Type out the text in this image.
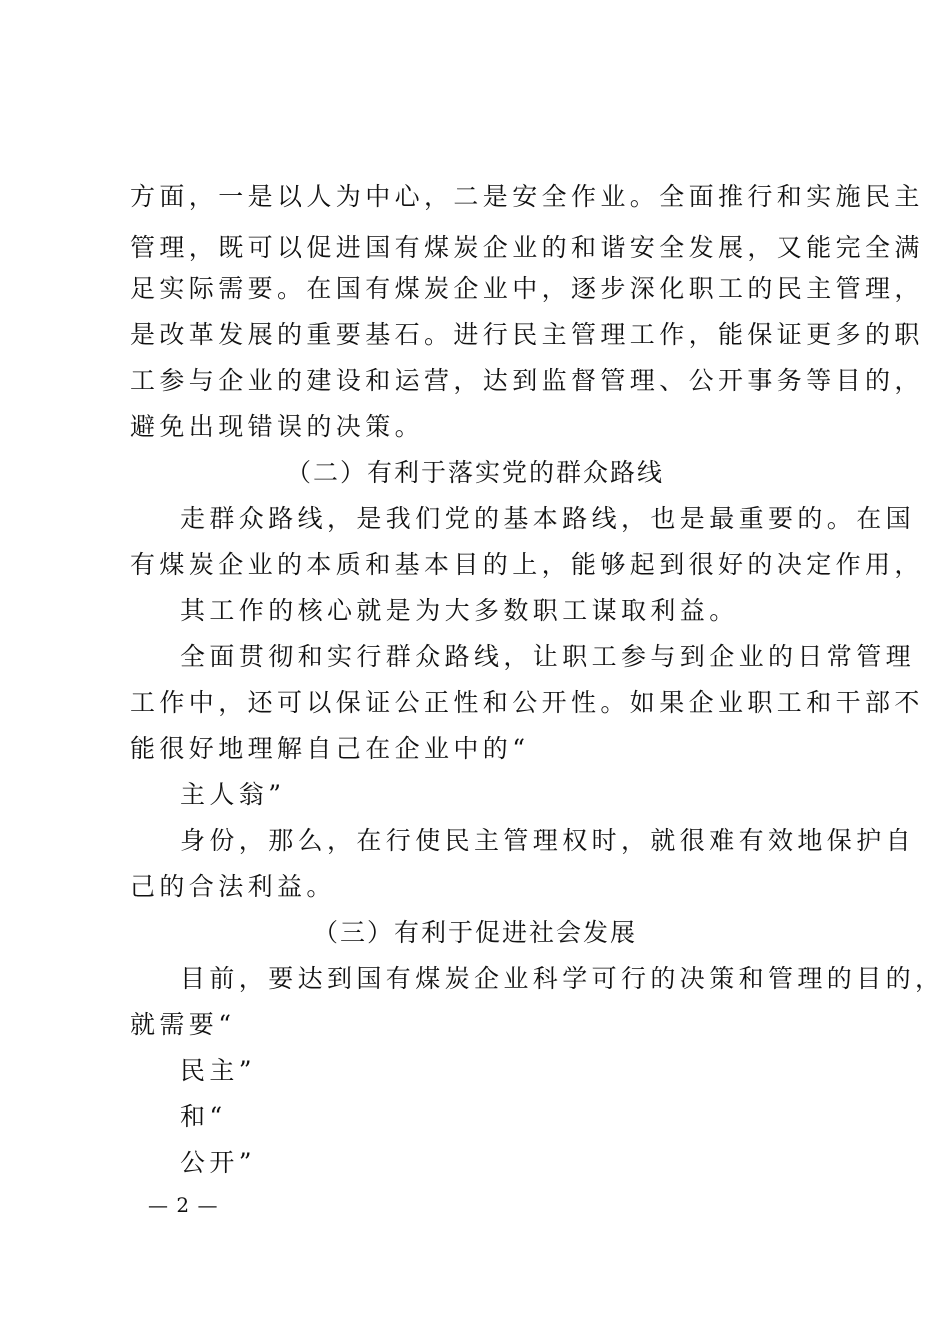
方面，一是以人为中心，二是安全作业。全面推行和实施民主
管理，既可以促进国有煤炭企业的和谐安全发展，又能完全满
足实际需要。在国有煤炭企业中，逐步深化职工的民主管理，
是改革发展的重要基石。进行民主管理工作，能保证更多的职
工参与企业的建设和运营，达到监督管理、公开事务等目的，
避免出现错误的决策。
（二）有利于落实党的群众路线
走群众路线，是我们党的基本路线，也是最重要的。在国
有煤炭企业的本质和基本目的上，能够起到很好的决定作用，
其工作的核心就是为大多数职工谋取利益。
全面贯彻和实行群众路线，让职工参与到企业的日常管理
工作中，还可以保证公正性和公开性。如果企业职工和干部不
能很好地理解自己在企业中的“
主人翁”
身份，那么，在行使民主管理权时，就很难有效地保护自
己的合法利益。
（三）有利于促进社会发展
目前，要达到国有煤炭企业科学可行的决策和管理的目的，
就需要“
民主”
和“
公开”
— 2 —
